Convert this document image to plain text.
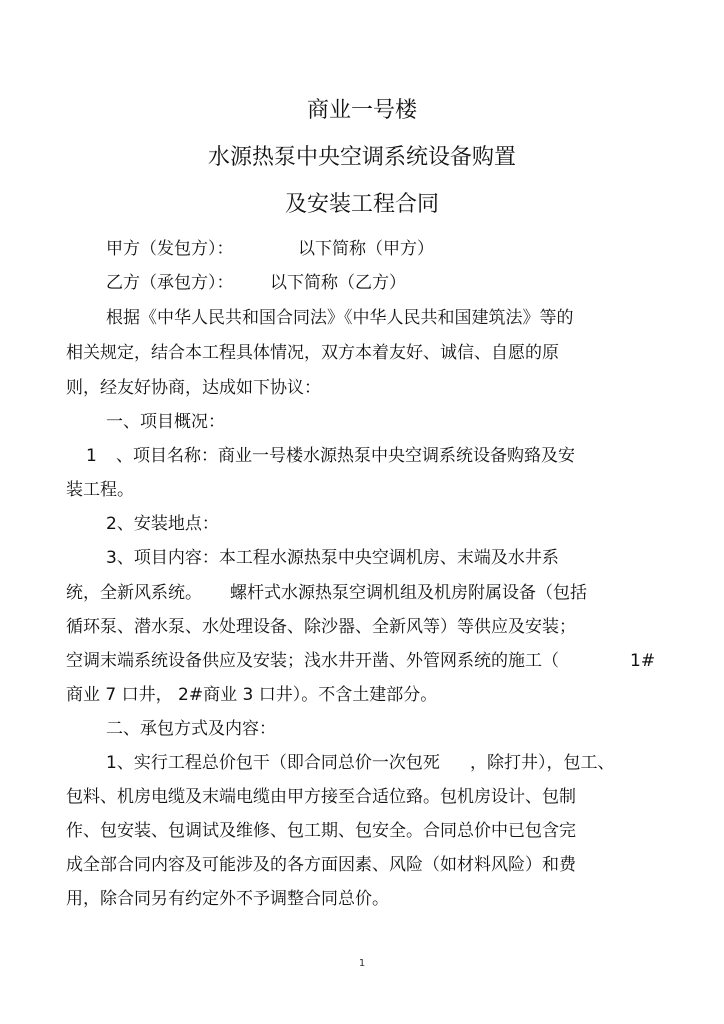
商业一号楼
水源热泵中央空调系统设备购置
及安装工程合同
甲方（发包方）：	以下简称（甲方）
乙方（承包方）： 以下简称（乙方）
根据《中华人民共和国合同法》《中华人民共和国建筑法》等的
相关规定，结合本工程具体情况，双方本着友好、诚信、自愿的原
则，经友好协商，达成如下协议：
一、项目概况：
1 、项目名称：商业一号楼水源热泵中央空调系统设备购臵及安
装工程。
2、安装地点：
3、项目内容：本工程水源热泵中央空调机房、末端及水井系
统，全新风系统。 螺杆式水源热泵空调机组及机房附属设备（包括
循环泵、潜水泵、水处理设备、除沙器、全新风等）等供应及安装；
空调末端系统设备供应及安装；浅水井开凿、外管网系统的施工（	1#
商业 7 口井， 2#商业 3 口井）。不含土建部分。
二、承包方式及内容：
1、实行工程总价包干（即合同总价一次包死 ，除打井），包工、
包料、机房电缆及末端电缆由甲方接至合适位臵。包机房设计、包制
作、包安装、包调试及维修、包工期、包安全。合同总价中已包含完
成全部合同内容及可能涉及的各方面因素、风险（如材料风险）和费
用，除合同另有约定外不予调整合同总价。
1
